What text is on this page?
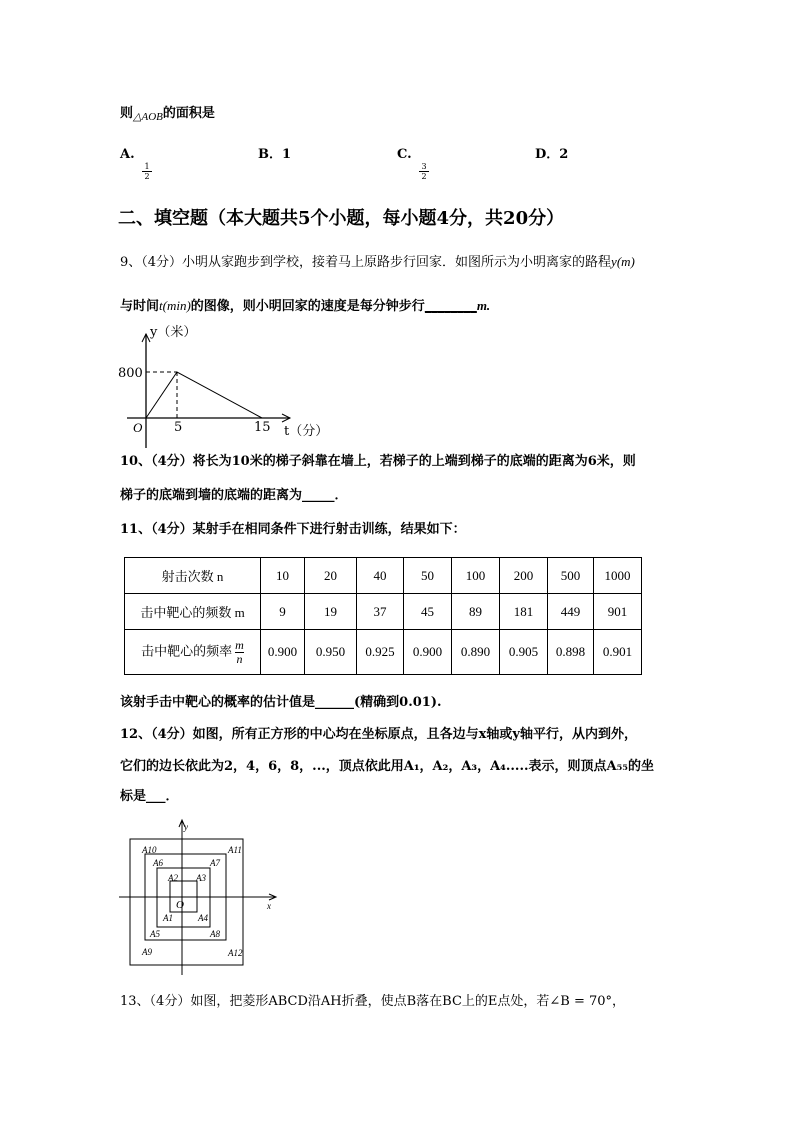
则$_{\triangle AOB}$的面积是
A.
$\frac{1}{2}$
B．1	C.
$\frac{3}{2}$
D．2
二、填空题（本大题共5个小题，每小题4分，共20分）
9、（4分）小明从家跑步到学校，接着马上原路步行回家．如图所示为小明离家的路程y(m)
与时间t(min)的图像，则小明回家的速度是每分钟步行________m.
y（米）
800
O 5	15 t（分）
10、（4分）将长为10米的梯子斜靠在墙上，若梯子的上端到梯子的底端的距离为6米，则
梯子的底端到墙的底端的距离为_____．
11、（4分）某射手在相同条件下进行射击训练，结果如下：
射击次数 n	10	20	40	50	100	200	500	1000
击中靶心的频数 m	9	19	37	45	89	181	449	901
击中靶心的频率 $\frac{m}{n}$	0.900	0.950	0.925	0.900	0.890	0.905	0.898	0.901
该射手击中靶心的概率的估计值是______(精确到0.01).
12、（4分）如图，所有正方形的中心均在坐标原点，且各边与x轴或y轴平行，从内到外，
它们的边长依此为2，4，6，8，...，顶点依此用A₁，A₂，A₃，A₄.....表示，则顶点A₅₅的坐
标是___．
y
x
O
A1
A2 A3
A4
A5
A6	A7
A8
A9
A10	A11
A12
13、（4分）如图，把菱形ABCD沿AH折叠，使点B落在BC上的E点处，若∠B = 70°，
